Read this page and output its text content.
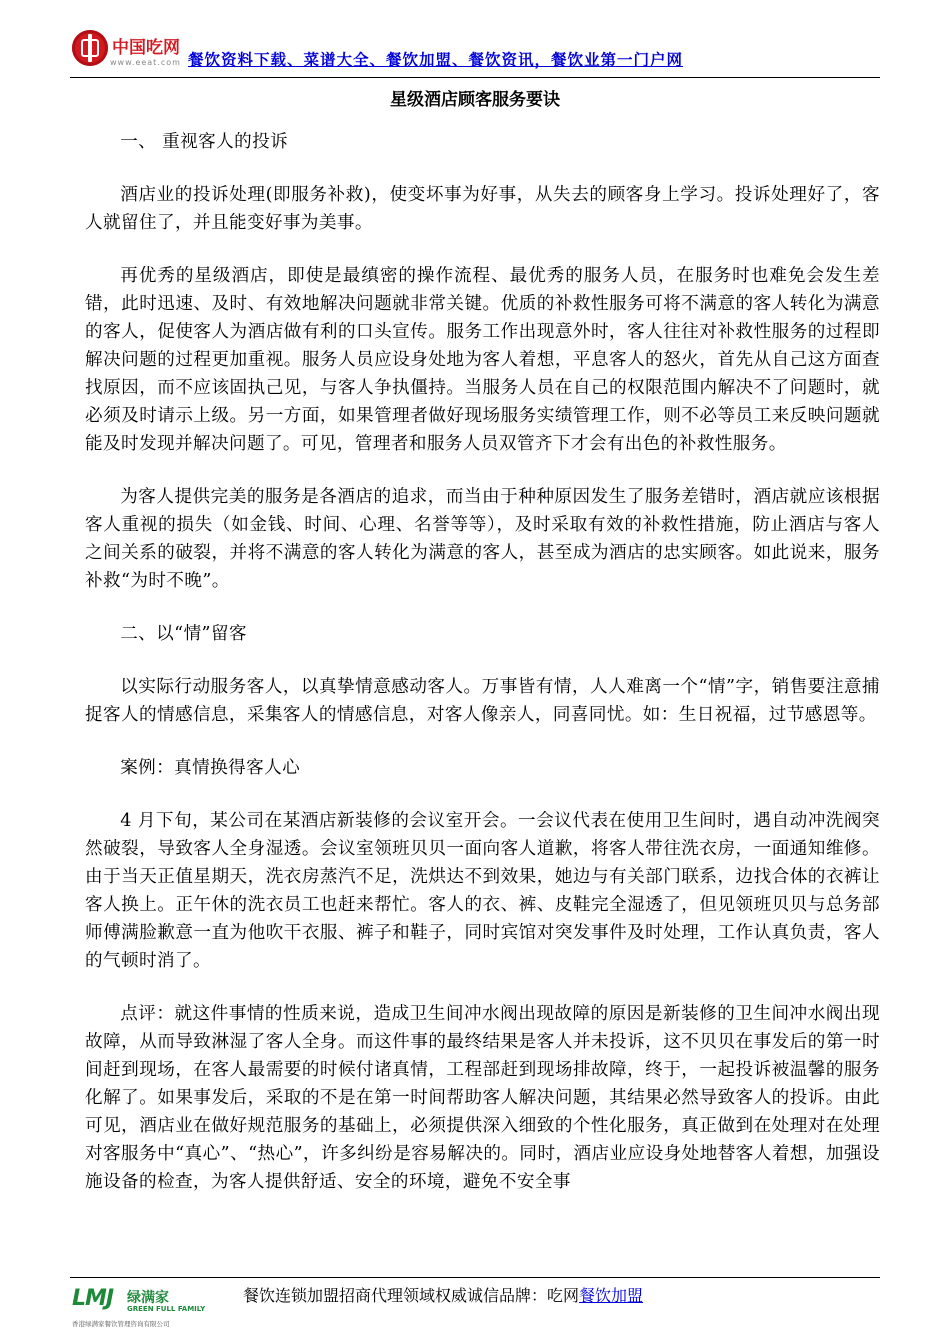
中国吃网
www.eeat.com 餐饮资料下载、菜谱大全、餐饮加盟、餐饮资讯，餐饮业第一门户网
星级酒店顾客服务要诀

一、 重视客人的投诉

酒店业的投诉处理(即服务补救)，使变坏事为好事，从失去的顾客身上学习。投诉处理好了，客人就留住了，并且能变好事为美事。

再优秀的星级酒店，即使是最缜密的操作流程、最优秀的服务人员，在服务时也难免会发生差错，此时迅速、及时、有效地解决问题就非常关键。优质的补救性服务可将不满意的客人转化为满意的客人，促使客人为酒店做有利的口头宣传。服务工作出现意外时，客人往往对补救性服务的过程即解决问题的过程更加重视。服务人员应设身处地为客人着想，平息客人的怒火，首先从自己这方面查找原因，而不应该固执己见，与客人争执僵持。当服务人员在自己的权限范围内解决不了问题时，就必须及时请示上级。另一方面，如果管理者做好现场服务实绩管理工作，则不必等员工来反映问题就能及时发现并解决问题了。可见，管理者和服务人员双管齐下才会有出色的补救性服务。

为客人提供完美的服务是各酒店的追求，而当由于种种原因发生了服务差错时，酒店就应该根据客人重视的损失（如金钱、时间、心理、名誉等等），及时采取有效的补救性措施，防止酒店与客人之间关系的破裂，并将不满意的客人转化为满意的客人，甚至成为酒店的忠实顾客。如此说来，服务补救“为时不晚”。

二、以“情”留客

以实际行动服务客人，以真挚情意感动客人。万事皆有情，人人难离一个“情”字，销售要注意捕捉客人的情感信息，采集客人的情感信息，对客人像亲人，同喜同忧。如：生日祝福，过节感恩等。

案例：真情换得客人心

4 月下旬，某公司在某酒店新装修的会议室开会。一会议代表在使用卫生间时，遇自动冲洗阀突然破裂，导致客人全身湿透。会议室领班贝贝一面向客人道歉，将客人带往洗衣房，一面通知维修。由于当天正值星期天，洗衣房蒸汽不足，洗烘达不到效果，她边与有关部门联系，边找合体的衣裤让客人换上。正午休的洗衣员工也赶来帮忙。客人的衣、裤、皮鞋完全湿透了，但见领班贝贝与总务部师傅满脸歉意一直为他吹干衣服、裤子和鞋子，同时宾馆对突发事件及时处理，工作认真负责，客人的气顿时消了。

点评：就这件事情的性质来说，造成卫生间冲水阀出现故障的原因是新装修的卫生间冲水阀出现故障，从而导致淋湿了客人全身。而这件事的最终结果是客人并未投诉，这不贝贝在事发后的第一时间赶到现场，在客人最需要的时候付诸真情，工程部赶到现场排故障，终于，一起投诉被温馨的服务化解了。如果事发后，采取的不是在第一时间帮助客人解决问题，其结果必然导致客人的投诉。由此可见，酒店业在做好规范服务的基础上，必须提供深入细致的个性化服务，真正做到在处理对在处理对客服务中“真心”、“热心”，许多纠纷是容易解决的。同时，酒店业应设身处地替客人着想，加强设施设备的检查，为客人提供舒适、安全的环境，避免不安全事

LMJ 绿满家
GREEN FULL FAMILY
香港绿满家餐饮管理咨询有限公司
餐饮连锁加盟招商代理领域权威诚信品牌：吃网餐饮加盟
